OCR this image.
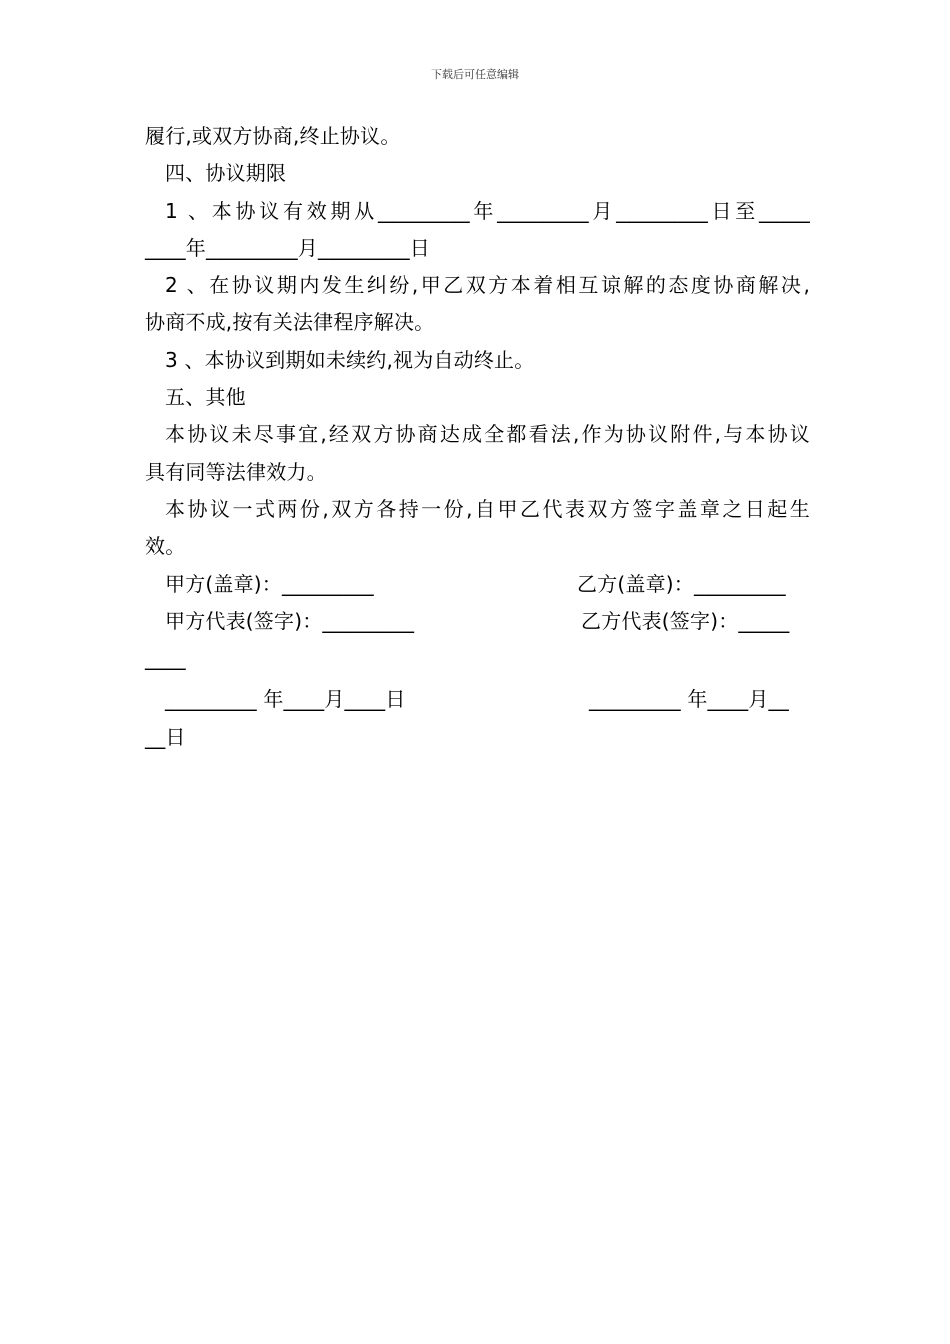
下载后可任意编辑
履行,或双方协商,终止协议。
四、协议期限
1 、本协议有效期从_________年_________月_________日至_____
____年_________月_________日
2 、在协议期内发生纠纷,甲乙双方本着相互谅解的态度协商解决,
协商不成,按有关法律程序解决。
3 、本协议到期如未续约,视为自动终止。
五、其他
本协议未尽事宜,经双方协商达成全都看法,作为协议附件,与本协议
具有同等法律效力。
本协议一式两份,双方各持一份,自甲乙代表双方签字盖章之日起生
效。
甲方(盖章)：_________	乙方(盖章)：_________
甲方代表(签字)：_________	乙方代表(签字)：_____
____
_________ 年____月____日	_________ 年____月__
__日
